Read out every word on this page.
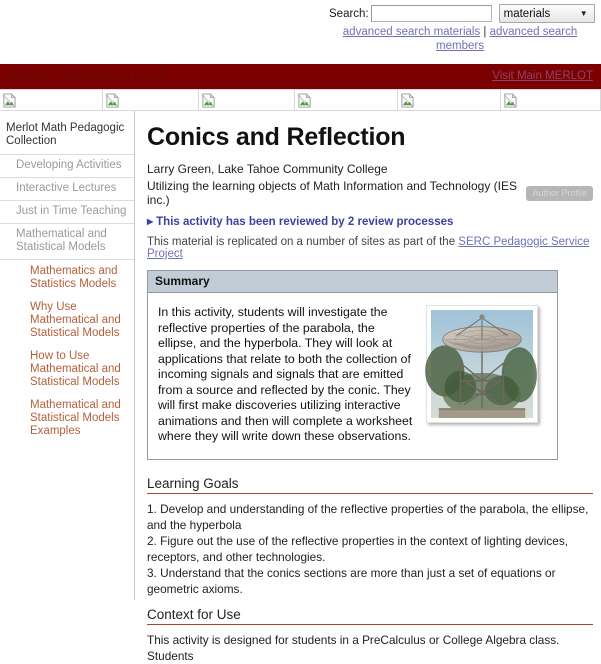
Search:	materials	▼
advanced search materials | advanced search members
MERLOT Mathematics Portal	Visit Main MERLOT
Merlot Math Pedagogic Collection
Developing Activities
Interactive Lectures
Just in Time Teaching
Mathematical and Statistical Models
Mathematics and Statistics Models
Why Use Mathematical and Statistical Models
How to Use Mathematical and Statistical Models
Mathematical and Statistical Models Examples
Conics and Reflection
Larry Green, Lake Tahoe Community College
Utilizing the learning objects of Math Information and Technology (IES inc.)
Author Profile
▶ This activity has been reviewed by 2 review processes
This material is replicated on a number of sites as part of the SERC Pedagogic Service Project
Summary
In this activity, students will investigate the reflective properties of the parabola, the ellipse, and the hyperbola. They will look at applications that relate to both the collection of incoming signals and signals that are emitted from a source and reflected by the conic. They will first make discoveries utilizing interactive animations and then will complete a worksheet where they will write down these observations.
Learning Goals
1. Develop and understanding of the reflective properties of the parabola, the ellipse, and the hyperbola
2. Figure out the use of the reflective properties in the context of lighting devices, receptors, and other technologies.
3. Understand that the conics sections are more than just a set of equations or geometric axioms.
Context for Use
This activity is designed for students in a PreCalculus or College Algebra class. Students
